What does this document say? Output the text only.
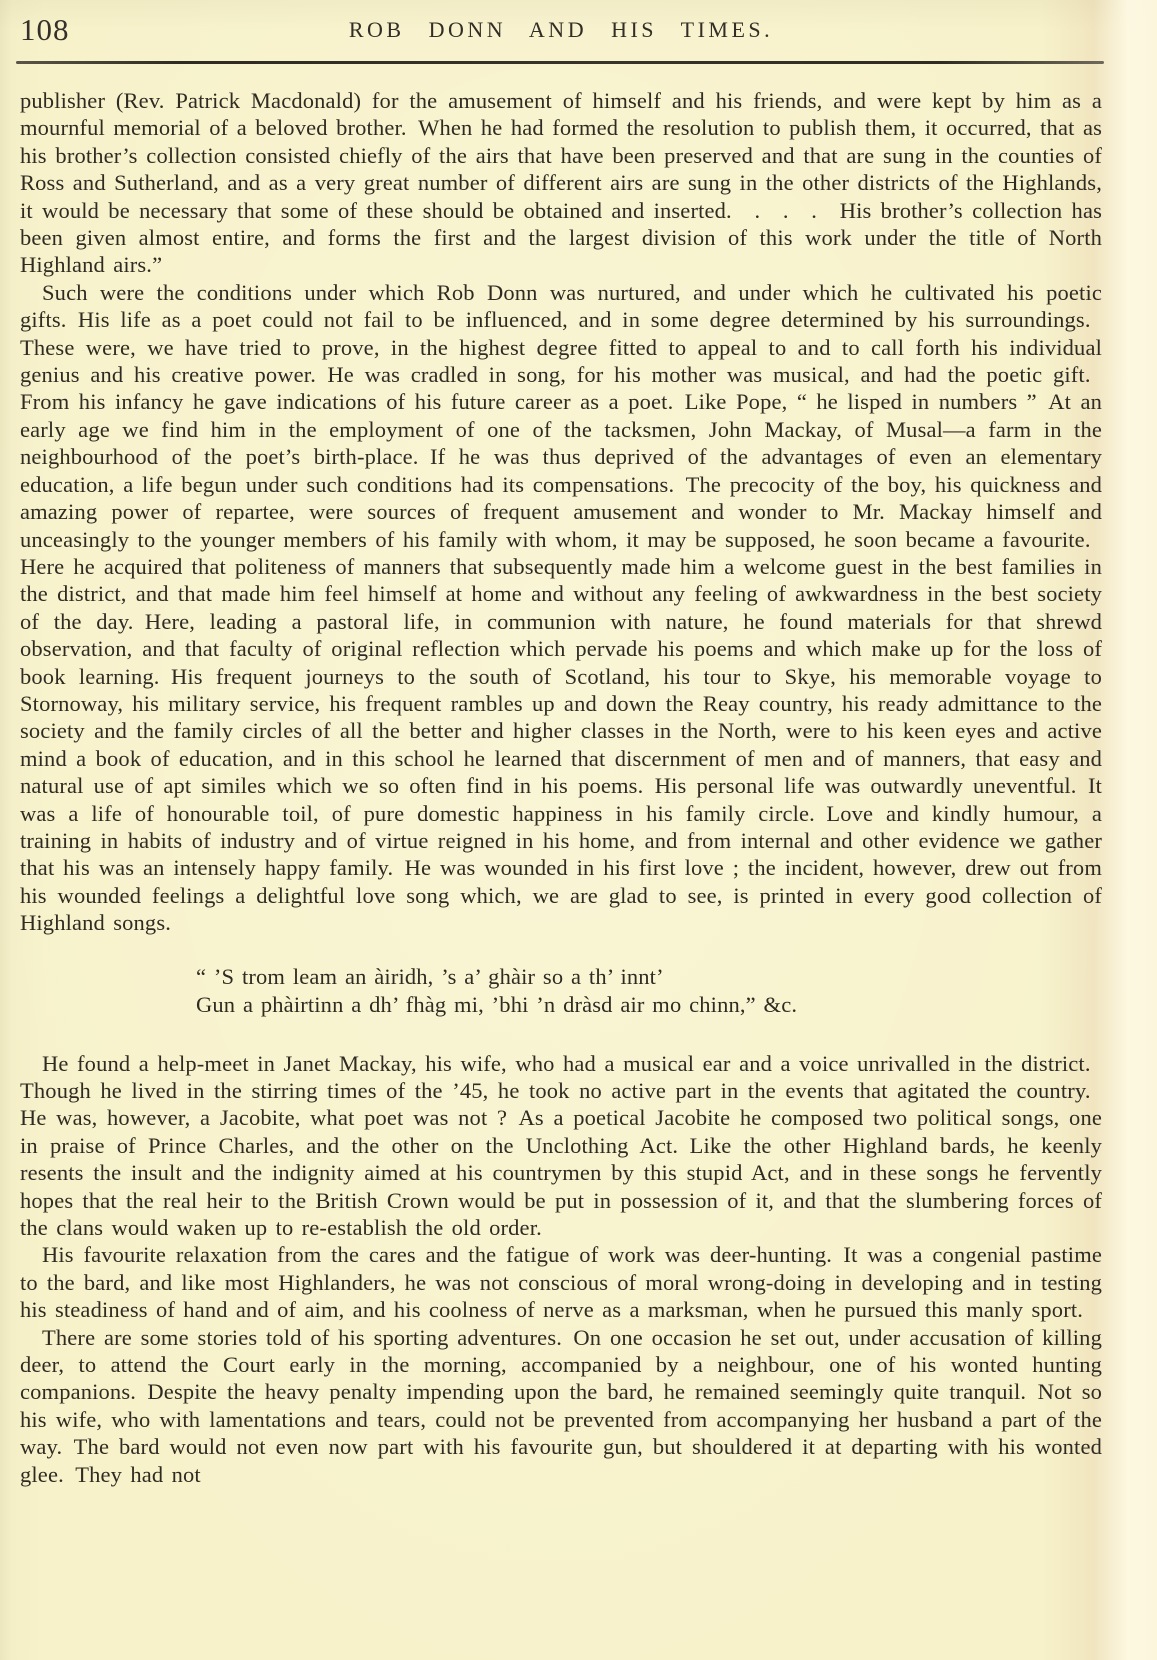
108	ROB DONN AND HIS TIMES.

publisher (Rev. Patrick Macdonald) for the amusement of himself and his friends, and were kept by him as a mournful memorial of a beloved brother. When he had formed the resolution to publish them, it occurred, that as his brother’s collection consisted chiefly of the airs that have been preserved and that are sung in the counties of Ross and Sutherland, and as a very great number of different airs are sung in the other districts of the Highlands, it would be necessary that some of these should be obtained and inserted. . . . His brother’s collection has been given almost entire, and forms the first and the largest division of this work under the title of North Highland airs.”

Such were the conditions under which Rob Donn was nurtured, and under which he cultivated his poetic gifts. His life as a poet could not fail to be influenced, and in some degree determined by his surroundings. These were, we have tried to prove, in the highest degree fitted to appeal to and to call forth his individual genius and his creative power. He was cradled in song, for his mother was musical, and had the poetic gift. From his infancy he gave indications of his future career as a poet. Like Pope, “ he lisped in numbers ” At an early age we find him in the employment of one of the tacksmen, John Mackay, of Musal—a farm in the neighbourhood of the poet’s birth-place. If he was thus deprived of the advantages of even an elementary education, a life begun under such conditions had its compensations. The precocity of the boy, his quickness and amazing power of repartee, were sources of frequent amusement and wonder to Mr. Mackay himself and unceasingly to the younger members of his family with whom, it may be supposed, he soon became a favourite. Here he acquired that politeness of manners that subsequently made him a welcome guest in the best families in the district, and that made him feel himself at home and without any feeling of awkwardness in the best society of the day. Here, leading a pastoral life, in communion with nature, he found materials for that shrewd observation, and that faculty of original reflection which pervade his poems and which make up for the loss of book learning. His frequent journeys to the south of Scotland, his tour to Skye, his memorable voyage to Stornoway, his military service, his frequent rambles up and down the Reay country, his ready admittance to the society and the family circles of all the better and higher classes in the North, were to his keen eyes and active mind a book of education, and in this school he learned that discernment of men and of manners, that easy and natural use of apt similes which we so often find in his poems. His personal life was outwardly uneventful. It was a life of honourable toil, of pure domestic happiness in his family circle. Love and kindly humour, a training in habits of industry and of virtue reigned in his home, and from internal and other evidence we gather that his was an intensely happy family. He was wounded in his first love ; the incident, however, drew out from his wounded feelings a delightful love song which, we are glad to see, is printed in every good collection of Highland songs.

“ ’S trom leam an àiridh, ’s a’ ghàir so a th’ innt’
Gun a phàirtinn a dh’ fhàg mi, ’bhi ’n dràsd air mo chinn,” &c.

He found a help-meet in Janet Mackay, his wife, who had a musical ear and a voice unrivalled in the district. Though he lived in the stirring times of the ’45, he took no active part in the events that agitated the country. He was, however, a Jacobite, what poet was not ? As a poetical Jacobite he composed two political songs, one in praise of Prince Charles, and the other on the Unclothing Act. Like the other Highland bards, he keenly resents the insult and the indignity aimed at his countrymen by this stupid Act, and in these songs he fervently hopes that the real heir to the British Crown would be put in possession of it, and that the slumbering forces of the clans would waken up to re-establish the old order.

His favourite relaxation from the cares and the fatigue of work was deer-hunting. It was a congenial pastime to the bard, and like most Highlanders, he was not conscious of moral wrong-doing in developing and in testing his steadiness of hand and of aim, and his coolness of nerve as a marksman, when he pursued this manly sport.

There are some stories told of his sporting adventures. On one occasion he set out, under accusation of killing deer, to attend the Court early in the morning, accompanied by a neighbour, one of his wonted hunting companions. Despite the heavy penalty impending upon the bard, he remained seemingly quite tranquil. Not so his wife, who with lamentations and tears, could not be prevented from accompanying her husband a part of the way. The bard would not even now part with his favourite gun, but shouldered it at departing with his wonted glee. They had not
